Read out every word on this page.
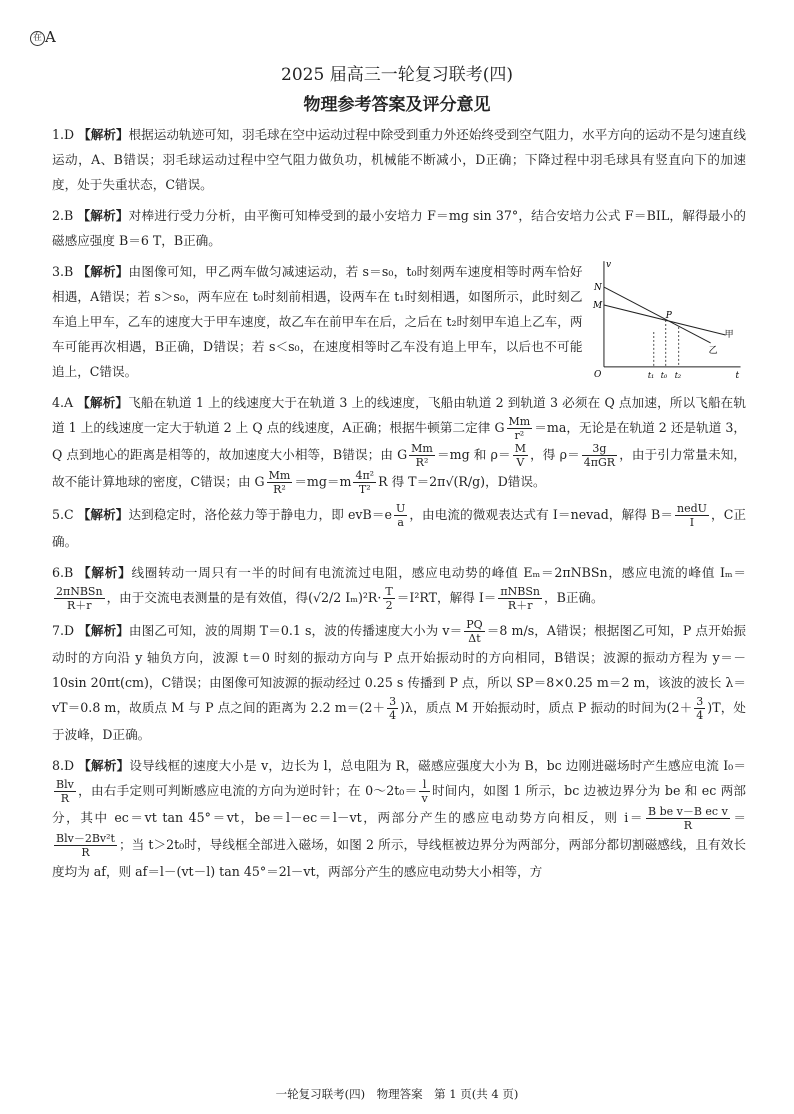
在 A
2025 届高三一轮复习联考(四)
物理参考答案及评分意见
1.D 【解析】根据运动轨迹可知，羽毛球在空中运动过程中除受到重力外还始终受到空气阻力，水平方向的运动不是匀速直线运动，A、B错误；羽毛球运动过程中空气阻力做负功，机械能不断减小，D正确；下降过程中羽毛球具有竖直向下的加速度，处于失重状态，C错误。
2.B 【解析】对棒进行受力分析，由平衡可知棒受到的最小安培力 F＝mg sin 37°，结合安培力公式 F＝BIL，解得最小的磁感应强度 B＝6 T，B正确。
3.B 【解析】由图像可知，甲乙两车做匀减速运动，若 s＝s₀，t₀时刻两车速度相等时两车恰好相遇，A错误；若 s＞s₀，两车应在 t₀时刻前相遇，设两车在 t₁时刻相遇，如图所示，此时刻乙车追上甲车，乙车的速度大于甲车速度，故乙车在前甲车在后，之后在 t₂时刻甲车追上乙车，两车可能再次相遇，B正确，D错误；若 s＜s₀，在速度相等时乙车没有追上甲车，以后也不可能追上，C错误。
v
N
M
P
O	t
t₁ t₀ t₂
甲
乙
4.A 【解析】飞船在轨道 1 上的线速度大于在轨道 3 上的线速度，飞船由轨道 2 到轨道 3 必须在 Q 点加速，所以飞船在轨道 1 上的线速度一定大于轨道 2 上 Q 点的线速度，A正确；根据牛顿第二定律 G $\frac{Mm}{\text{r²}} =ma$，无论是在轨道 2 还是轨道 3，Q 点到地心的距离是相等的，故加速度大小相等，B错误；由 G $\frac{Mm}{\text{R²}} =mg$ 和 $\rho= \frac{M}{V}$ ，得 $\rho= \frac{3g}{\text{4πGR}}$ ，由于引力常量未知，故不能计算地球的密度，C错误；由 G $\frac{Mm}{\text{R²}} =mg=m \frac{\text{4π²}}{\text{T²}}$ R 得 T＝2π√(R/g)，D错误。
5.C 【解析】达到稳定时，洛伦兹力等于静电力，即 $evB=e \frac{U}{a}$ ，由电流的微观表达式有 I＝nevad，解得 $B= \frac{\text{nedU}}{I}$ ，C正确。
6.B 【解析】线圈转动一周只有一半的时间有电流流过电阻，感应电动势的峰值 Eₘ＝2πNBSn，感应电流的峰值 Iₘ＝
$\frac{\text{2πNBSn}}{R+r}$ ，由于交流电表测量的是有效值，得(√2/2 $I_m)^2R\cdot \frac{T}{2} =I^2RT$，解得 $I= \frac{\text{πNBSn}}{R+r}$ ，B正确。
7.D 【解析】由图乙可知，波的周期 T＝0.1 s，波的传播速度大小为 $v= \frac{PQ}{\Delta t} =8$ m/s，A错误；根据图乙可知，P 点开始振动时的方向沿 y 轴负方向，波源 t＝0 时刻的振动方向与 P 点开始振动时的方向相同，B错误；波源的振动方程为 y＝－10sin 20πt(cm)，C错误；由图像可知波源的振动经过 0.25 s 传播到 P 点，所以 SP＝8×0.25 m＝2 m，该波的波长 λ＝vT＝0.8 m，故质点 M 与 P 点之间的距离为 2.2 $m=(2+ \frac{3}{4} )\lambda$，质点 M 开始振动时，质点 P 振动的时间为$(2+ \frac{3}{4} )T$，处于波峰，D正确。
8.D 【解析】设导线框的速度大小是 v，边长为 l，总电阻为 R，磁感应强度大小为 B，bc 边刚进磁场时产生感应电流 I₀＝
$\frac{\text{Blv}}{R}$ ，由右手定则可判断感应电流的方向为逆时针；在 0～2t₀＝ $\frac{l}{v}$ 时间内，如图 1 所示，bc 边被边界分为 be 和 ec 两部分，其中 ec＝vt tan 45°＝vt，be＝l－ec＝l－vt，两部分产生的感应电动势方向相反，则 $i= \frac{\text{B be v－B ec v}}{R}$ ＝
$\frac{\text{Blv－2Bv²t}}{R}$ ；当 t＞2t₀时，导线框全部进入磁场，如图 2 所示，导线框被边界分为两部分，两部分都切割磁感线，且有效长度均为 af，则 af＝l－(vt－l) tan 45°＝2l－vt，两部分产生的感应电动势大小相等，方
一轮复习联考(四)　物理答案　第 1 页(共 4 页)
